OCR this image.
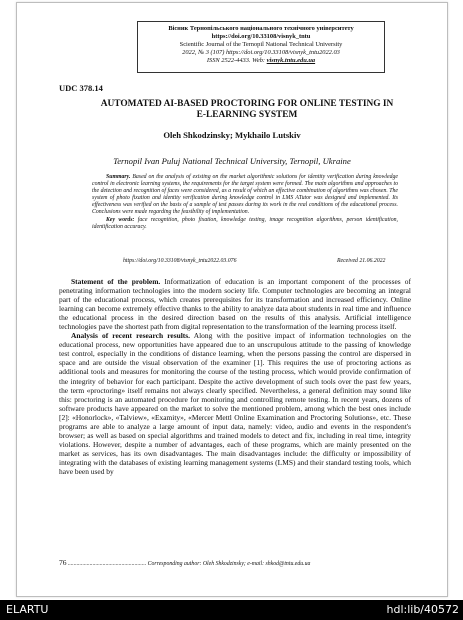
Вісник Тернопільського національного технічного університету
https://doi.org/10.33108/visnyk_tntu
Scientific Journal of the Ternopil National Technical University
2022, № 3 (107) https://doi.org/10.33108/visnyk_tntu2022.03
ISSN 2522-4433. Web: visnyk.tntu.edu.ua
UDC 378.14
AUTOMATED AI-BASED PROCTORING FOR ONLINE TESTING IN
E-LEARNING SYSTEM
Oleh Shkodzinsky; Mykhailo Lutskiv
Ternopil Ivan Puluj National Technical University, Ternopil, Ukraine

Summary. Based on the analysis of existing on the market algorithmic solutions for identity verification during knowledge control in electronic learning systems, the requirements for the target system were formed. The main algorithms and approaches to the detection and recognition of faces were considered, as a result of which an effective combination of algorithms was chosen. The system of photo fixation and identity verification during knowledge control in LMS ATutor was designed and implemented. Its effectiveness was verified on the basis of a sample of test passes during its work in the real conditions of the educational process. Conclusions were made regarding the feasibility of implementation.

Key words: face recognition, photo fixation, knowledge testing, image recognition algorithms, person identification, identification accuracy.

https://doi.org/10.33108/visnyk_tntu2022.03.076	Received 21.06.2022

Statement of the problem. Informatization of education is an important component of the processes of penetrating information technologies into the modern society life. Computer technologies are becoming an integral part of the educational process, which creates prerequisites for its transformation and increased efficiency. Online learning can become extremely effective thanks to the ability to analyze data about students in real time and influence the educational process in the desired direction based on the results of this analysis. Artificial intelligence technologies pave the shortest path from digital representation to the transformation of the learning process itself.

Analysis of recent research results. Along with the positive impact of information technologies on the educational process, new opportunities have appeared due to an unscrupulous attitude to the passing of knowledge test control, especially in the conditions of distance learning, when the persons passing the control are dispersed in space and are outside the visual observation of the examiner [1]. This requires the use of proctoring actions as additional tools and measures for monitoring the course of the testing process, which would provide confirmation of the integrity of behavior for each participant. Despite the active development of such tools over the past few years, the term «proctoring» itself remains not always clearly specified. Nevertheless, a general definition may sound like this: proctoring is an automated procedure for monitoring and controlling remote testing. In recent years, dozens of software products have appeared on the market to solve the mentioned problem, among which the best ones include [2]: «Honorlock», «Talview», «Examity», «Mercer Mettl Online Examination and Proctoring Solutions», etc. These programs are able to analyze a large amount of input data, namely: video, audio and events in the respondent's browser; as well as based on special algorithms and trained models to detect and fix, including in real time, integrity violations. However, despite a number of advantages, each of these programs, which are mainly presented on the market as services, has its own disadvantages. The main disadvantages include: the difficulty or impossibility of integrating with the databases of existing learning management systems (LMS) and their standard testing tools, which have been used by

76 ...................................................... Corresponding author: Oleh Shkodzinsky; e-mail: shkod@tntu.edu.ua
ELARTU	hdl:lib/40572
